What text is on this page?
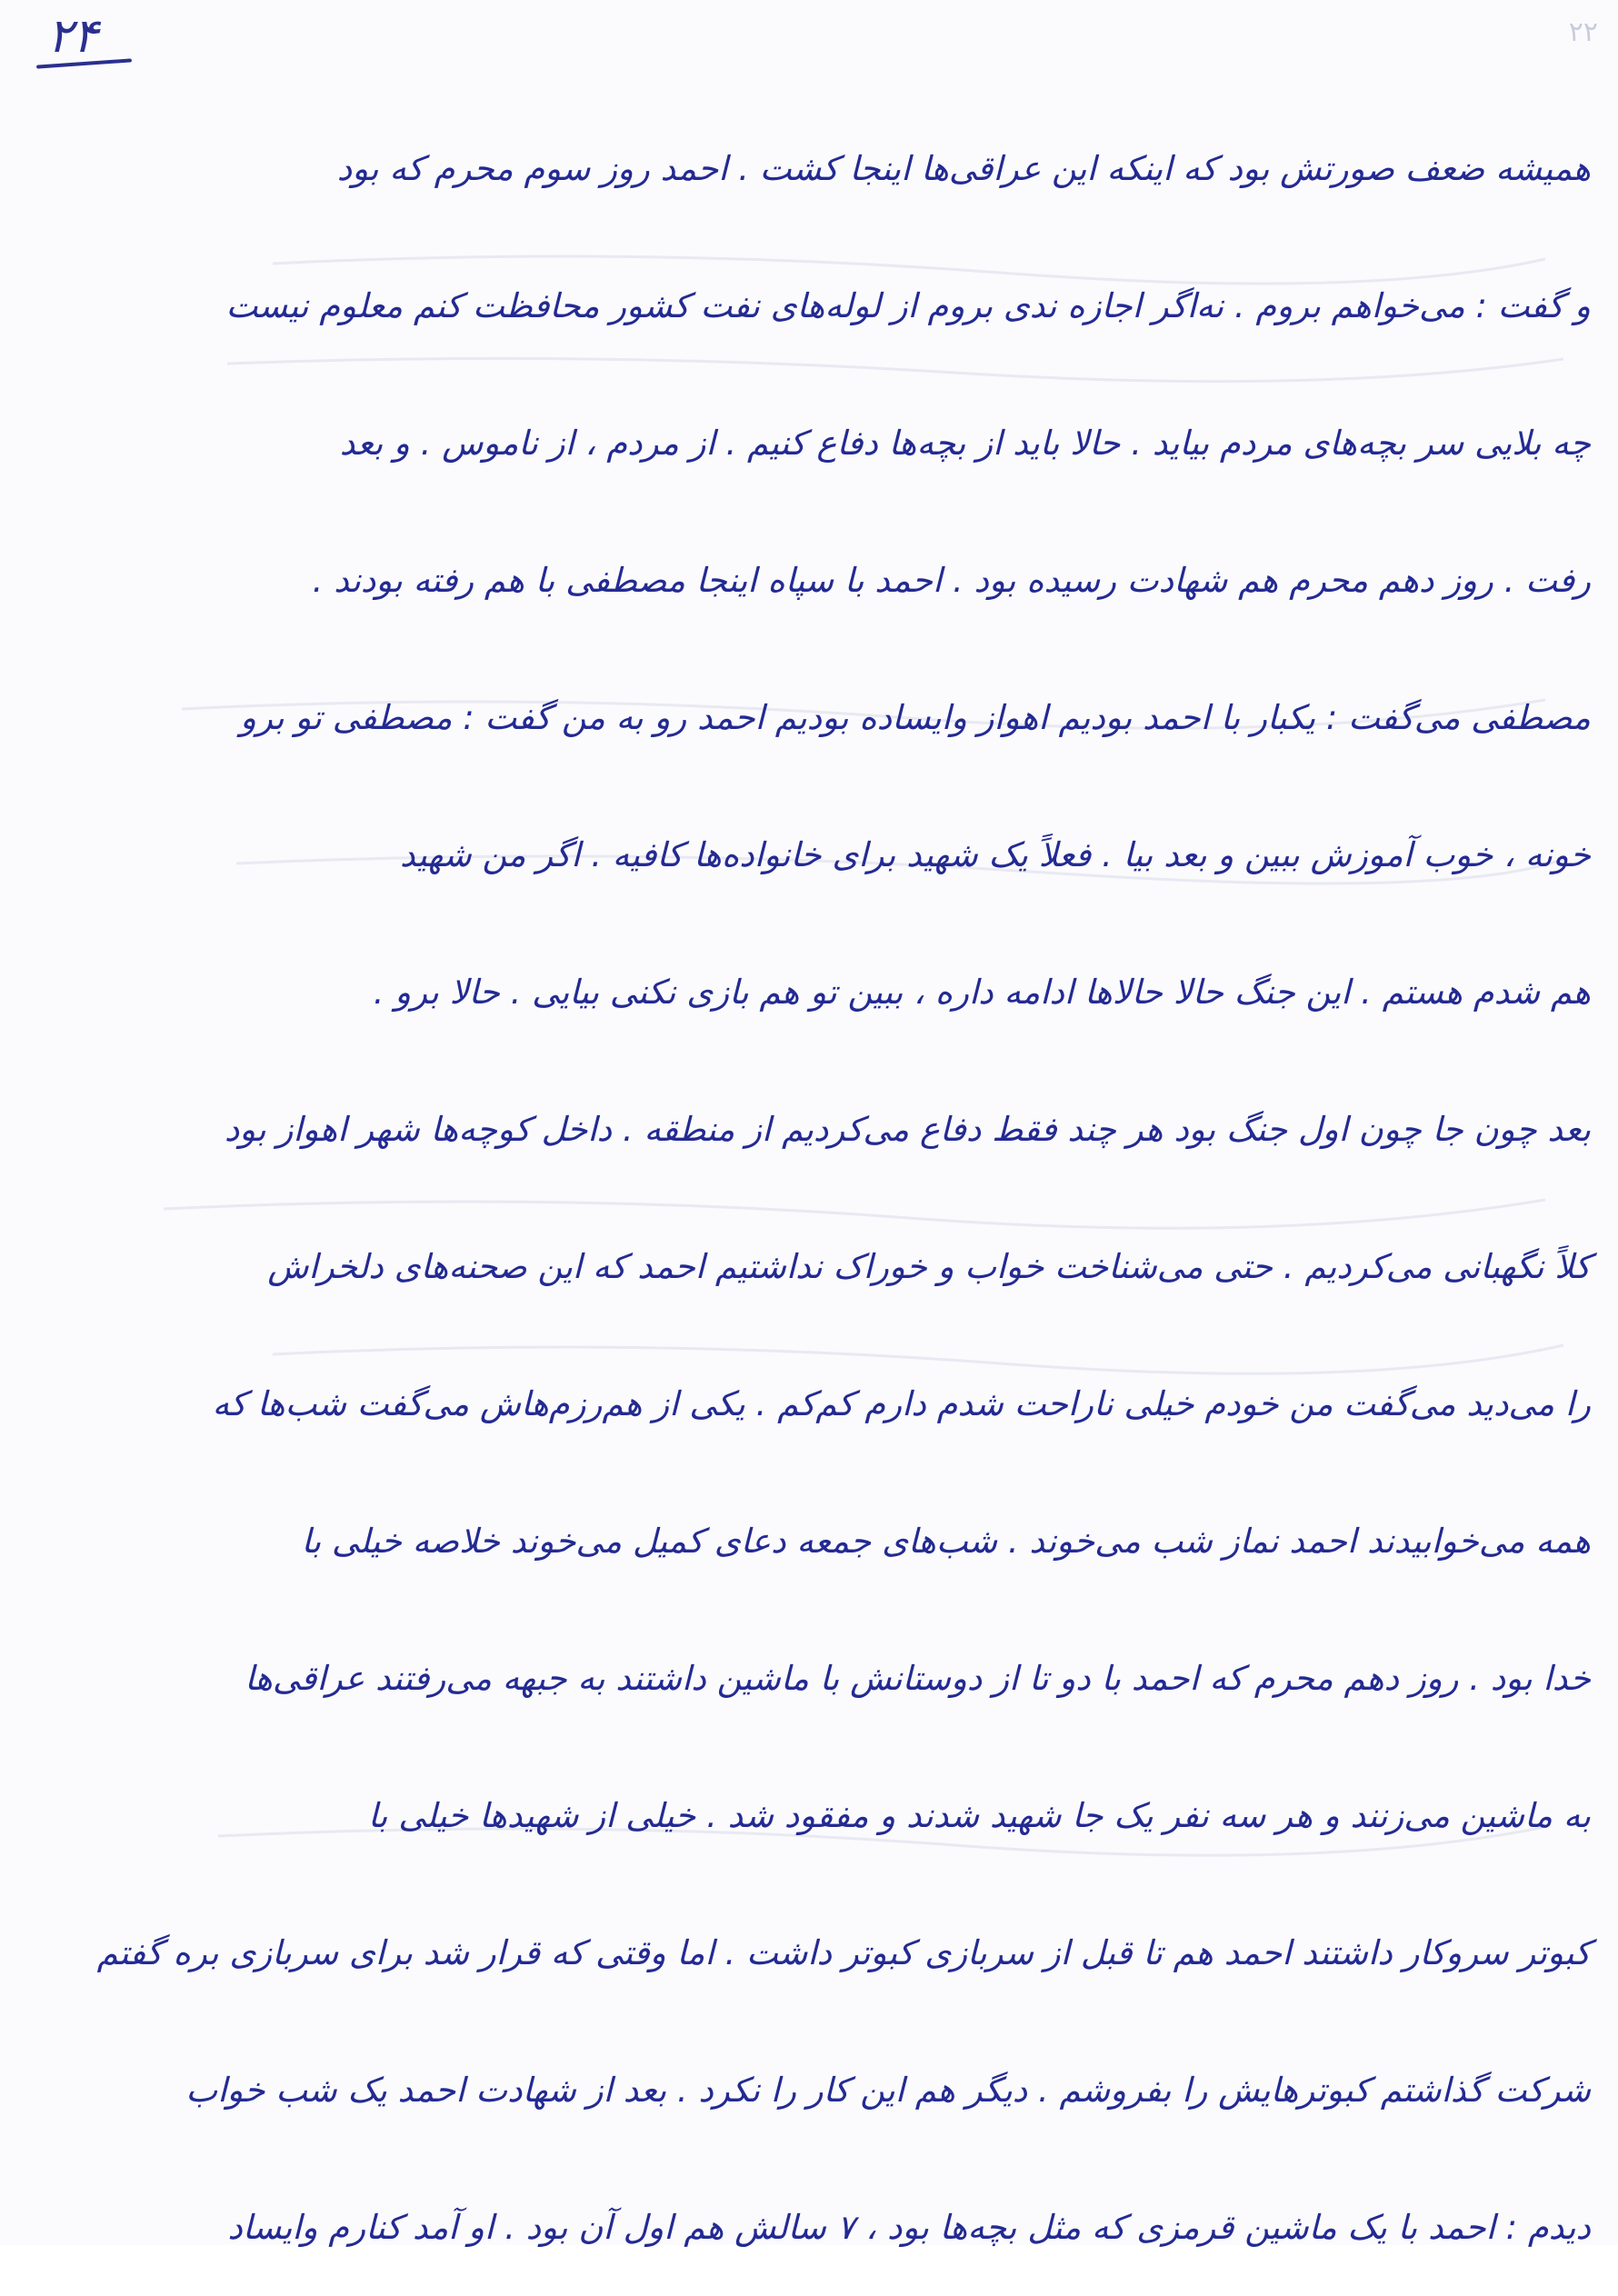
۲۴	۲۲
همیشه ضعف صورتش بود که اینکه این عراقی‌ها اینجا کشت . احمد روز سوم محرم که بود
و گفت : می‌خواهم بروم . نه‌اگر اجازه ندی بروم از لوله‌های نفت کشور محافظت کنم معلوم نیست
چه بلایی سر بچه‌های مردم بیاید . حالا باید از بچه‌ها دفاع کنیم . از مردم ، از ناموس . و بعد
رفت . روز دهم محرم هم شهادت رسیده بود . احمد با سپاه اینجا مصطفی با هم رفته بودند .
مصطفی می‌گفت : یکبار با احمد بودیم اهواز وایساده بودیم احمد رو به من گفت : مصطفی تو برو
خونه ، خوب آموزش ببین و بعد بیا . فعلاً یک شهید برای خانواده‌ها کافیه . اگر من شهید
هم شدم هستم . این جنگ حالا حالاها ادامه داره ، ببین تو هم بازی نکنی بیایی . حالا برو .
بعد چون جا چون اول جنگ بود هر چند فقط دفاع می‌کردیم از منطقه . داخل کوچه‌ها شهر اهواز بود
کلاً نگهبانی می‌کردیم . حتی می‌شناخت خواب و خوراک نداشتیم احمد که این صحنه‌های دلخراش
را می‌دید می‌گفت من خودم خیلی ناراحت شدم دارم کم‌کم . یکی از هم‌رزم‌هاش می‌گفت شب‌ها که
همه می‌خوابیدند احمد نماز شب می‌خوند . شب‌های جمعه دعای کمیل می‌خوند خلاصه خیلی با
خدا بود . روز دهم محرم که احمد با دو تا از دوستانش با ماشین داشتند به جبهه می‌رفتند عراقی‌ها
به ماشین می‌زنند و هر سه نفر یک جا شهید شدند و مفقود شد . خیلی از شهیدها خیلی با
کبوتر سروکار داشتند احمد هم تا قبل از سربازی کبوتر داشت . اما وقتی که قرار شد برای سربازی بره گفتم
شرکت گذاشتم کبوترهایش را بفروشم . دیگر هم این کار را نکرد . بعد از شهادت احمد یک شب خواب
دیدم : احمد با یک ماشین قرمزی که مثل بچه‌ها بود ، ۷ سالش هم اول آن بود . او آمد کنارم وایساد
